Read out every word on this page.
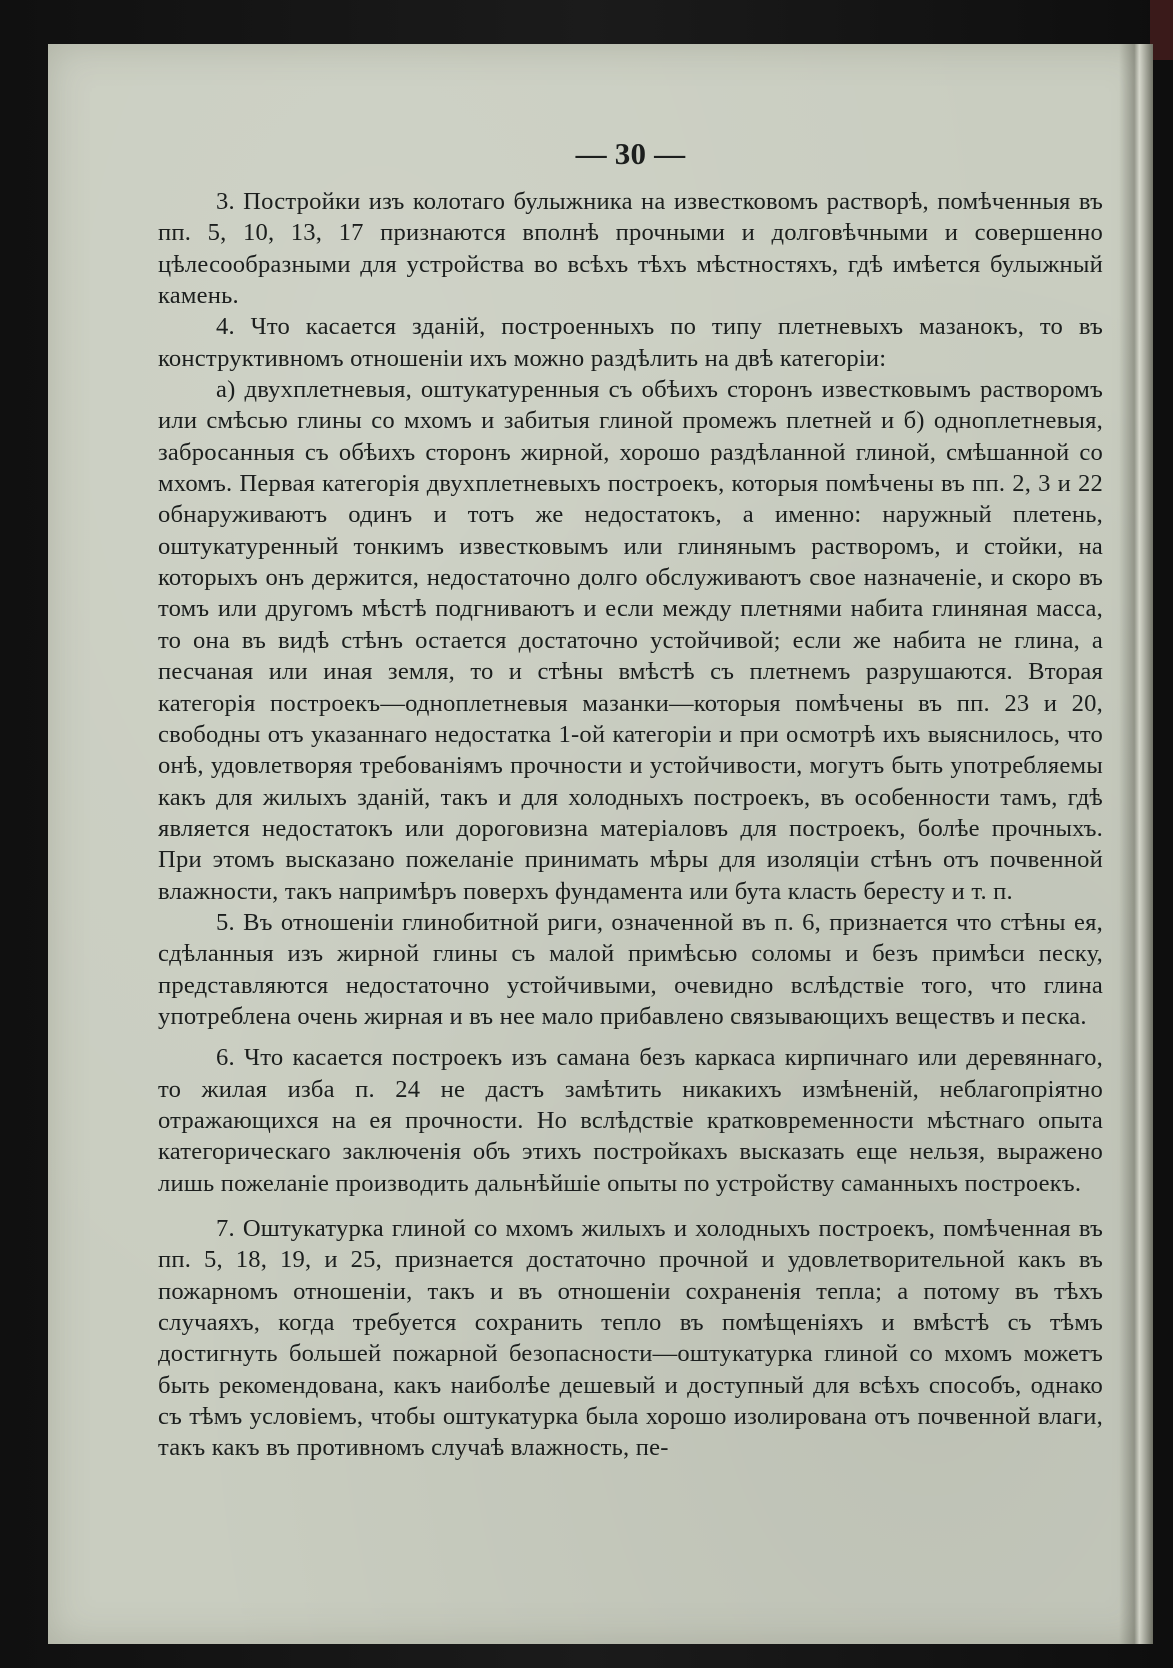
— 30 —

3. Постройки изъ колотаго булыжника на известковомъ растворѣ, помѣченныя въ пп. 5, 10, 13, 17 признаются вполнѣ прочными и долговѣчными и совершенно цѣлесообразными для устройства во всѣхъ тѣхъ мѣстностяхъ, гдѣ имѣется булыжный камень.

4. Что касается зданій, построенныхъ по типу плетневыхъ мазанокъ, то въ конструктивномъ отношеніи ихъ можно раздѣлить на двѣ категоріи:

а) двухплетневыя, оштукатуренныя съ обѣихъ сторонъ известковымъ растворомъ или смѣсью глины со мхомъ и забитыя глиной промежъ плетней и б) одноплетневыя, забросанныя съ обѣихъ сторонъ жирной, хорошо раздѣланной глиной, смѣшанной со мхомъ. Первая категорія двухплетневыхъ построекъ, которыя помѣчены въ пп. 2, 3 и 22 обнаруживаютъ одинъ и тотъ же недостатокъ, а именно: наружный плетень, оштукатуренный тонкимъ известковымъ или глинянымъ растворомъ, и стойки, на которыхъ онъ держится, недостаточно долго обслуживаютъ свое назначеніе, и скоро въ томъ или другомъ мѣстѣ подгниваютъ и если между плетнями набита глиняная масса, то она въ видѣ стѣнъ остается достаточно устойчивой; если же набита не глина, а песчаная или иная земля, то и стѣны вмѣстѣ съ плетнемъ разрушаются. Вторая категорія построекъ—одноплетневыя мазанки—которыя помѣчены въ пп. 23 и 20, свободны отъ указаннаго недостатка 1-ой категоріи и при осмотрѣ ихъ выяснилось, что онѣ, удовлетворяя требованіямъ прочности и устойчивости, могутъ быть употребляемы какъ для жилыхъ зданій, такъ и для холодныхъ построекъ, въ особенности тамъ, гдѣ является недостатокъ или дороговизна матеріаловъ для построекъ, болѣе прочныхъ. При этомъ высказано пожеланіе принимать мѣры для изоляціи стѣнъ отъ почвенной влажности, такъ напримѣръ поверхъ фундамента или бута класть бересту и т. п.

5. Въ отношеніи глинобитной риги, означенной въ п. 6, признается что стѣны ея, сдѣланныя изъ жирной глины съ малой примѣсью соломы и безъ примѣси песку, представляются недостаточно устойчивыми, очевидно вслѣдствіе того, что глина употреблена очень жирная и въ нее мало прибавлено связывающихъ веществъ и песка.

6. Что касается построекъ изъ самана безъ каркаса кирпичнаго или деревяннаго, то жилая изба п. 24 не дастъ замѣтить никакихъ измѣненій, неблагопріятно отражающихся на ея прочности. Но вслѣдствіе кратковременности мѣстнаго опыта категорическаго заключенія объ этихъ постройкахъ высказать еще нельзя, выражено лишь пожеланіе производить дальнѣйшіе опыты по устройству саманныхъ построекъ.

7. Оштукатурка глиной со мхомъ жилыхъ и холодныхъ построекъ, помѣченная въ пп. 5, 18, 19, и 25, признается достаточно прочной и удовлетворительной какъ въ пожарномъ отношеніи, такъ и въ отношеніи сохраненія тепла; а потому въ тѣхъ случаяхъ, когда требуется сохранить тепло въ помѣщеніяхъ и вмѣстѣ съ тѣмъ достигнуть большей пожарной безопасности—оштукатурка глиной со мхомъ можетъ быть рекомендована, какъ наиболѣе дешевый и доступный для всѣхъ способъ, однако съ тѣмъ условіемъ, чтобы оштукатурка была хорошо изолирована отъ почвенной влаги, такъ какъ въ противномъ случаѣ влажность, пе-
